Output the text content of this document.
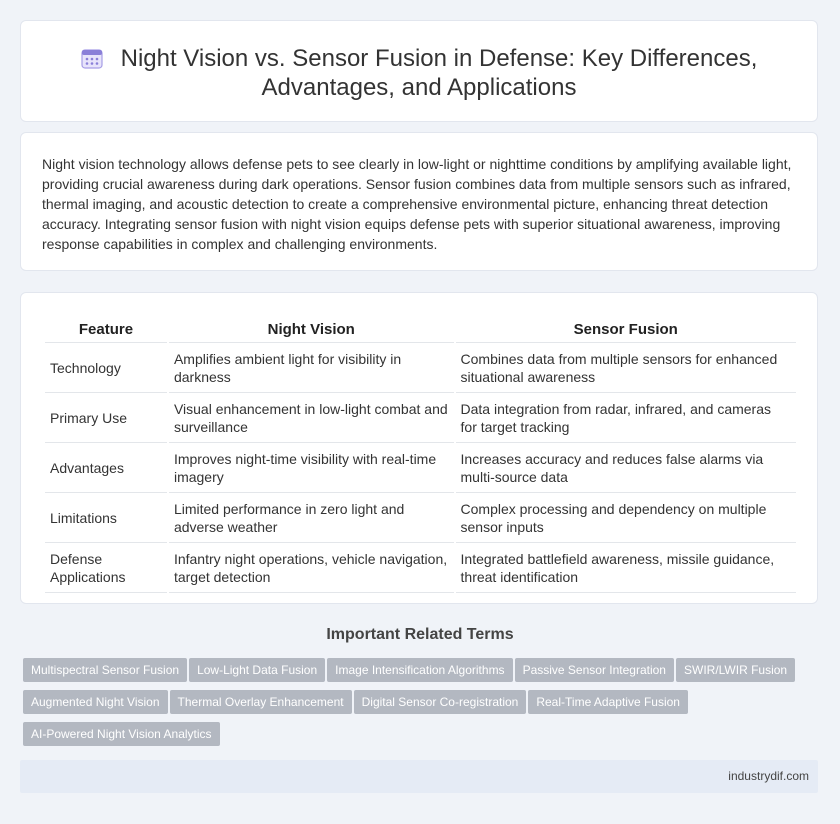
Night Vision vs. Sensor Fusion in Defense: Key Differences, Advantages, and Applications

Night vision technology allows defense pets to see clearly in low-light or nighttime conditions by amplifying available light, providing crucial awareness during dark operations. Sensor fusion combines data from multiple sensors such as infrared, thermal imaging, and acoustic detection to create a comprehensive environmental picture, enhancing threat detection accuracy. Integrating sensor fusion with night vision equips defense pets with superior situational awareness, improving response capabilities in complex and challenging environments.

Feature	Night Vision	Sensor Fusion
Technology	Amplifies ambient light for visibility in darkness	Combines data from multiple sensors for enhanced situational awareness
Primary Use	Visual enhancement in low-light combat and surveillance	Data integration from radar, infrared, and cameras for target tracking
Advantages	Improves night-time visibility with real-time imagery	Increases accuracy and reduces false alarms via multi-source data
Limitations	Limited performance in zero light and adverse weather	Complex processing and dependency on multiple sensor inputs
Defense Applications	Infantry night operations, vehicle navigation, target detection	Integrated battlefield awareness, missile guidance, threat identification
Important Related Terms
Multispectral Sensor Fusion Low-Light Data Fusion Image Intensification Algorithms Passive Sensor Integration SWIR/LWIR Fusion
Augmented Night Vision Thermal Overlay Enhancement Digital Sensor Co-registration Real-Time Adaptive Fusion
AI-Powered Night Vision Analytics
industrydif.com
